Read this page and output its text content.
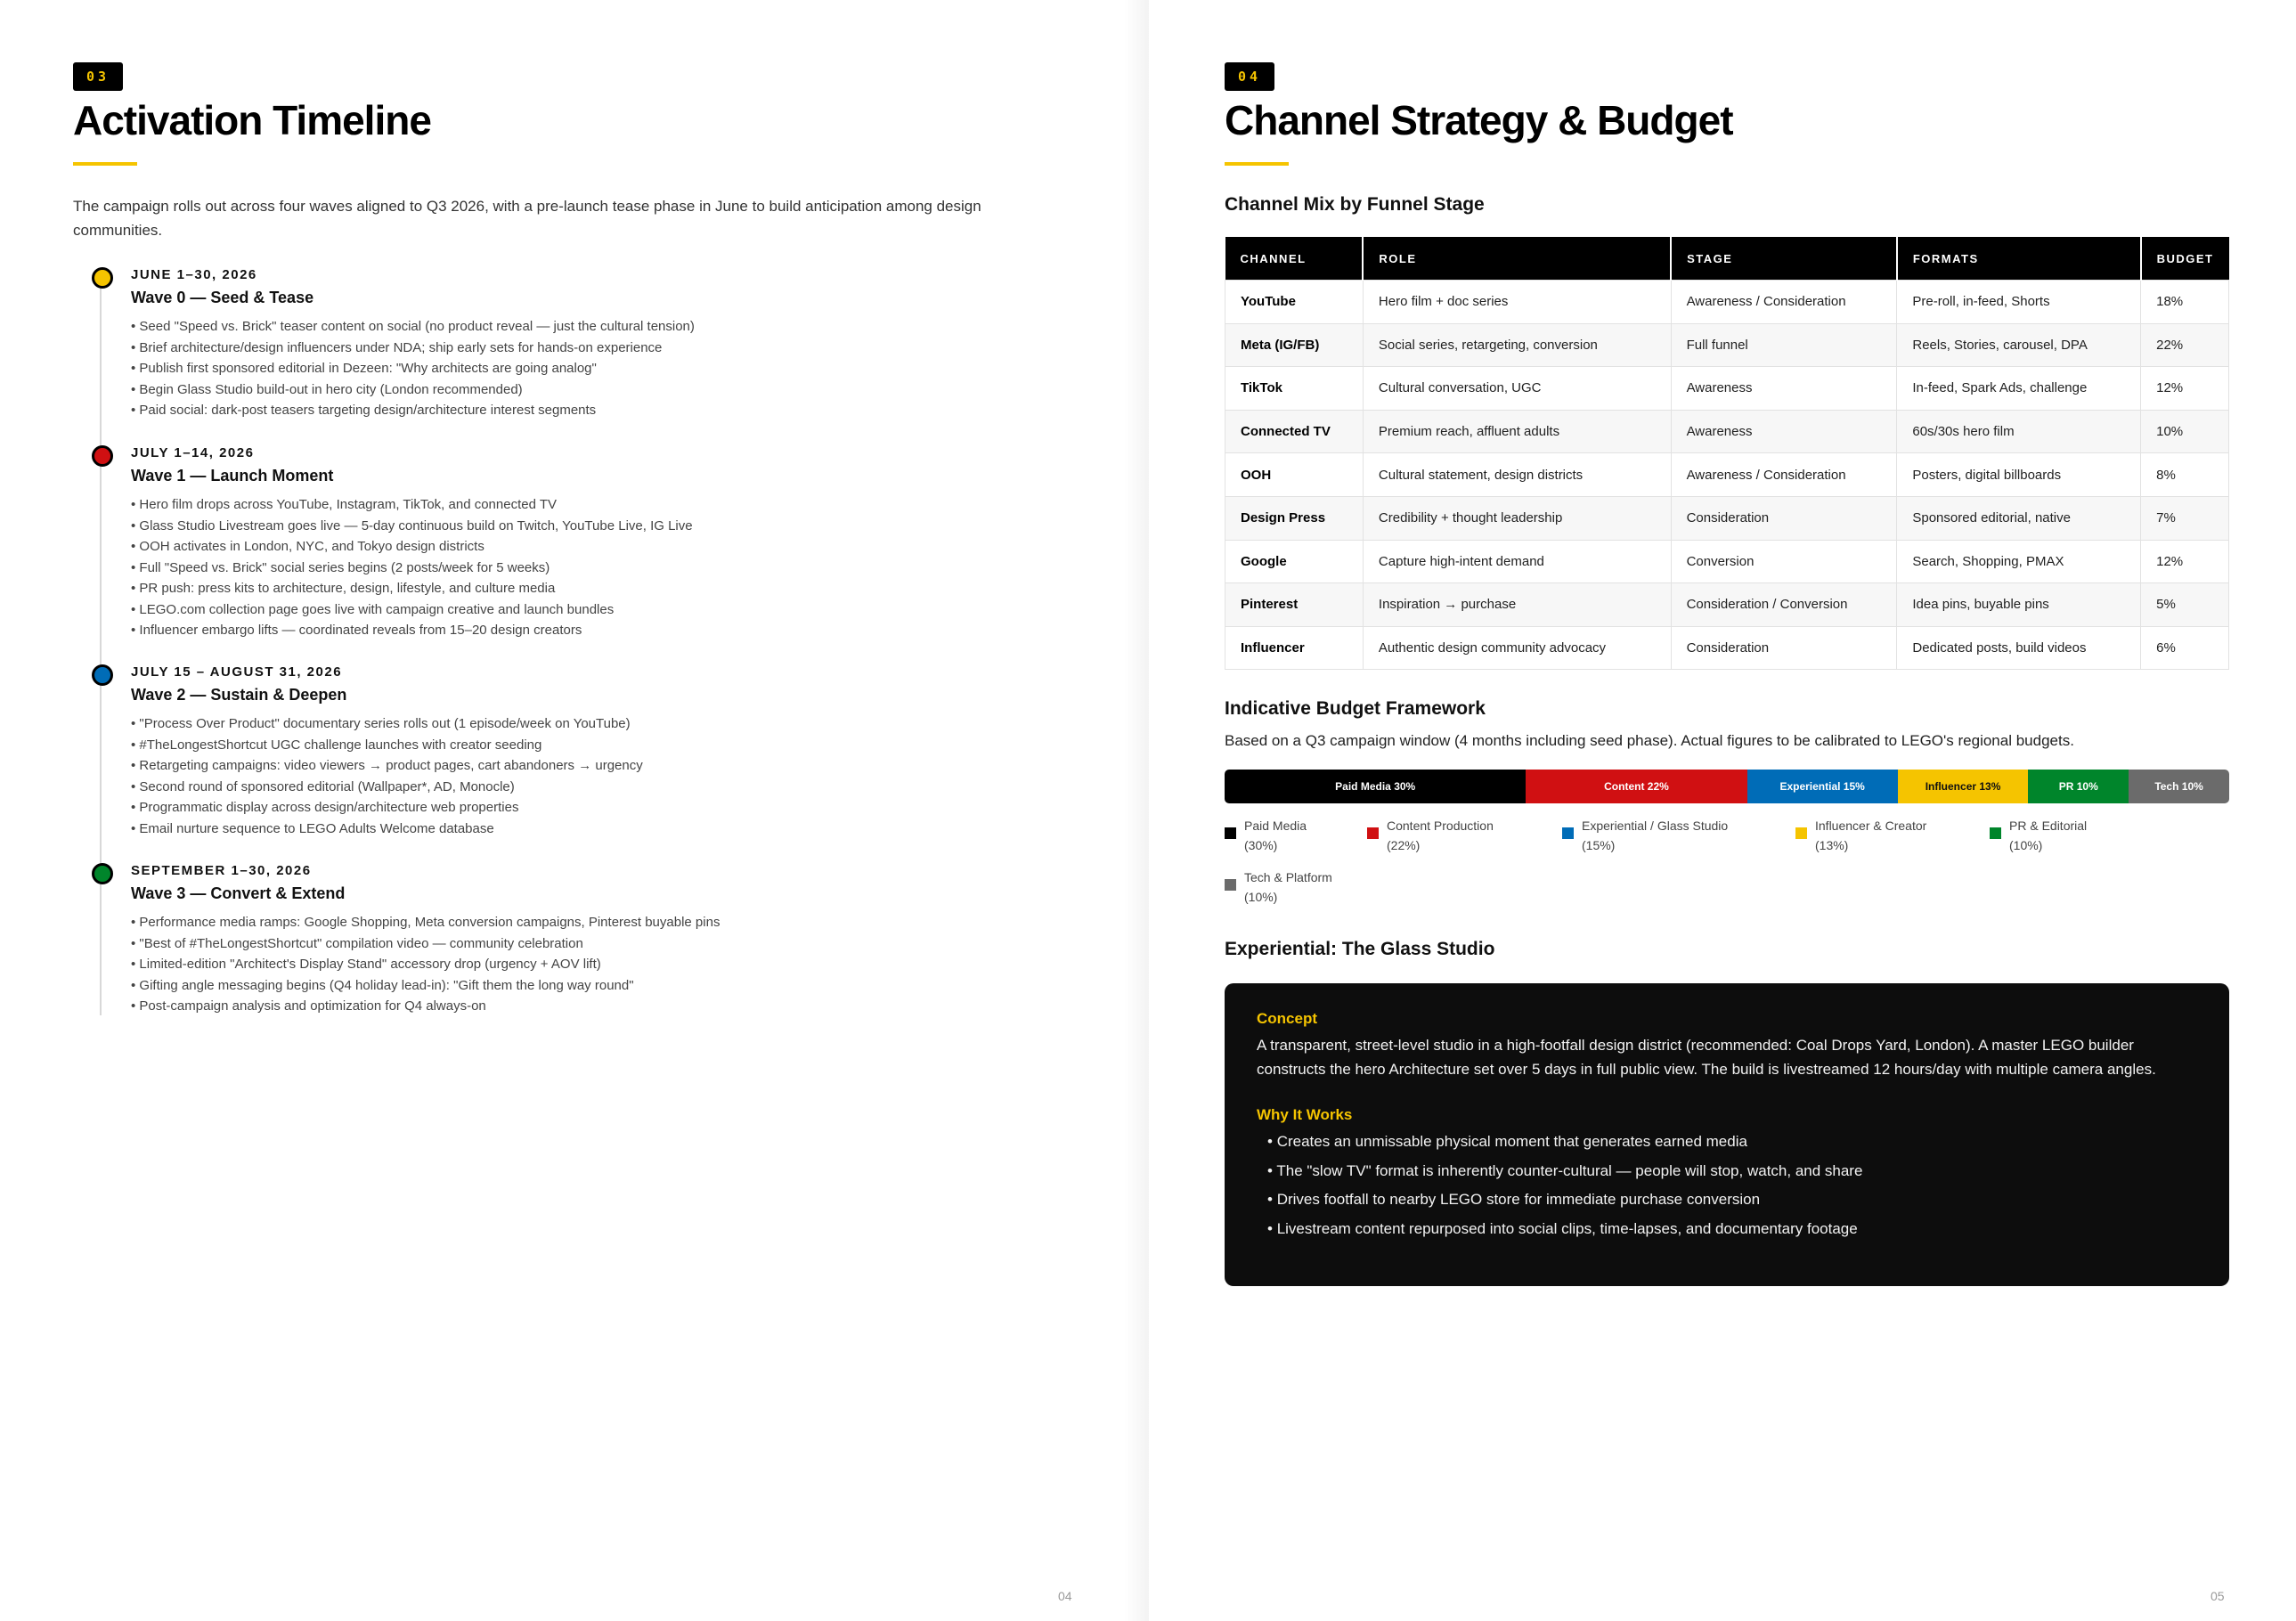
03
Activation Timeline

The campaign rolls out across four waves aligned to Q3 2026, with a pre-launch tease phase in June to build anticipation among design communities.

JUNE 1–30, 2026
Wave 0 — Seed & Tease
• Seed "Speed vs. Brick" teaser content on social (no product reveal — just the cultural tension)
• Brief architecture/design influencers under NDA; ship early sets for hands-on experience
• Publish first sponsored editorial in Dezeen: "Why architects are going analog"
• Begin Glass Studio build-out in hero city (London recommended)
• Paid social: dark-post teasers targeting design/architecture interest segments
JULY 1–14, 2026
Wave 1 — Launch Moment
• Hero film drops across YouTube, Instagram, TikTok, and connected TV
• Glass Studio Livestream goes live — 5-day continuous build on Twitch, YouTube Live, IG Live
• OOH activates in London, NYC, and Tokyo design districts
• Full "Speed vs. Brick" social series begins (2 posts/week for 5 weeks)
• PR push: press kits to architecture, design, lifestyle, and culture media
• LEGO.com collection page goes live with campaign creative and launch bundles
• Influencer embargo lifts — coordinated reveals from 15–20 design creators
JULY 15 – AUGUST 31, 2026
Wave 2 — Sustain & Deepen
• "Process Over Product" documentary series rolls out (1 episode/week on YouTube)
• #TheLongestShortcut UGC challenge launches with creator seeding
• Retargeting campaigns: video viewers → product pages, cart abandoners → urgency
• Second round of sponsored editorial (Wallpaper*, AD, Monocle)
• Programmatic display across design/architecture web properties
• Email nurture sequence to LEGO Adults Welcome database
SEPTEMBER 1–30, 2026
Wave 3 — Convert & Extend
• Performance media ramps: Google Shopping, Meta conversion campaigns, Pinterest buyable pins
• "Best of #TheLongestShortcut" compilation video — community celebration
• Limited-edition "Architect's Display Stand" accessory drop (urgency + AOV lift)
• Gifting angle messaging begins (Q4 holiday lead-in): "Gift them the long way round"
• Post-campaign analysis and optimization for Q4 always-on
04
04
Channel Strategy & Budget
Channel Mix by Funnel Stage
CHANNEL	ROLE	STAGE	FORMATS	BUDGET
YouTube	Hero film + doc series	Awareness / Consideration	Pre-roll, in-feed, Shorts	18%
Meta (IG/FB)	Social series, retargeting, conversion	Full funnel	Reels, Stories, carousel, DPA	22%
TikTok	Cultural conversation, UGC	Awareness	In-feed, Spark Ads, challenge	12%
Connected TV	Premium reach, affluent adults	Awareness	60s/30s hero film	10%
OOH	Cultural statement, design districts	Awareness / Consideration	Posters, digital billboards	8%
Design Press	Credibility + thought leadership	Consideration	Sponsored editorial, native	7%
Google	Capture high-intent demand	Conversion	Search, Shopping, PMAX	12%
Pinterest	Inspiration → purchase	Consideration / Conversion	Idea pins, buyable pins	5%
Influencer	Authentic design community advocacy	Consideration	Dedicated posts, build videos	6%
Indicative Budget Framework

Based on a Q3 campaign window (4 months including seed phase). Actual figures to be calibrated to LEGO's regional budgets.

Paid Media 30%	Content 22%	Experiential 15%	Influencer 13%	PR 10%	Tech 10%
Paid Media
(30%)
Content Production
(22%)
Experiential / Glass Studio
(15%)
Influencer & Creator
(13%)
PR & Editorial
(10%)
Tech & Platform
(10%)
Experiential: The Glass Studio
Concept

A transparent, street-level studio in a high-footfall design district (recommended: Coal Drops Yard, London). A master LEGO builder constructs the hero Architecture set over 5 days in full public view. The build is livestreamed 12 hours/day with multiple camera angles.

Why It Works
• Creates an unmissable physical moment that generates earned media
• The "slow TV" format is inherently counter-cultural — people will stop, watch, and share
• Drives footfall to nearby LEGO store for immediate purchase conversion
• Livestream content repurposed into social clips, time-lapses, and documentary footage
05
